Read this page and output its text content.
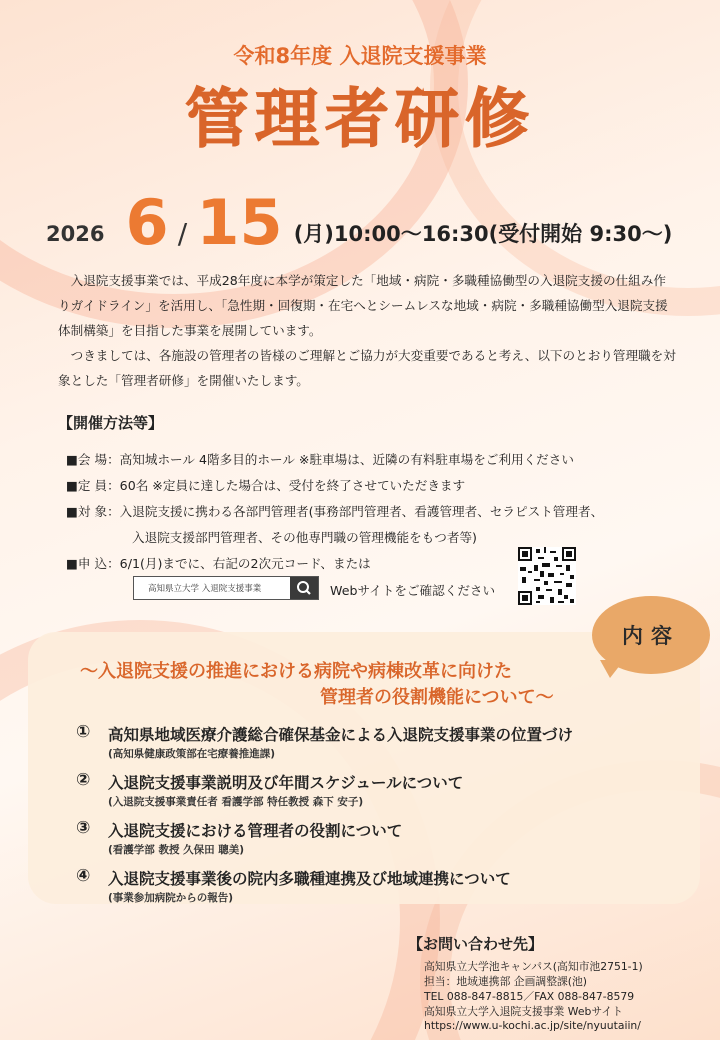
令和8年度 入退院支援事業
管理者研修
2026 6 / 15 (月)10:00～16:30(受付開始 9:30～)

入退院支援事業では、平成28年度に本学が策定した「地域・病院・多職種協働型の入退院支援の仕組み作りガイドライン」を活用し、「急性期・回復期・在宅へとシームレスな地域・病院・多職種協働型入退院支援体制構築」を目指した事業を展開しています。

つきましては、各施設の管理者の皆様のご理解とご協力が大変重要であると考え、以下のとおり管理職を対象とした「管理者研修」を開催いたします。

【開催方法等】
■会 場：高知城ホール 4階多目的ホール ※駐車場は、近隣の有料駐車場をご利用ください
■定 員：60名 ※定員に達した場合は、受付を終了させていただきます
■対 象：入退院支援に携わる各部門管理者(事務部門管理者、看護管理者、セラピスト管理者、
入退院支援部門管理者、その他専門職の管理機能をもつ者等)
■申 込：6/1(月)までに、右記の2次元コード、または
高知県立大学 入退院支援事業	Webサイトをご確認ください
内容
～入退院支援の推進における病院や病棟改革に向けた
管理者の役割機能について～
① 高知県地域医療介護総合確保基金による入退院支援事業の位置づけ
(高知県健康政策部在宅療養推進課)
② 入退院支援事業説明及び年間スケジュールについて
(入退院支援事業責任者 看護学部 特任教授 森下 安子)
③ 入退院支援における管理者の役割について
(看護学部 教授 久保田 聰美)
④ 入退院支援事業後の院内多職種連携及び地域連携について
(事業参加病院からの報告)
【お問い合わせ先】
高知県立大学池キャンパス(高知市池2751-1)
担当：地域連携部 企画調整課(池)
TEL 088-847-8815／FAX 088-847-8579
高知県立大学入退院支援事業 Webサイト
https://www.u-kochi.ac.jp/site/nyuutaiin/
